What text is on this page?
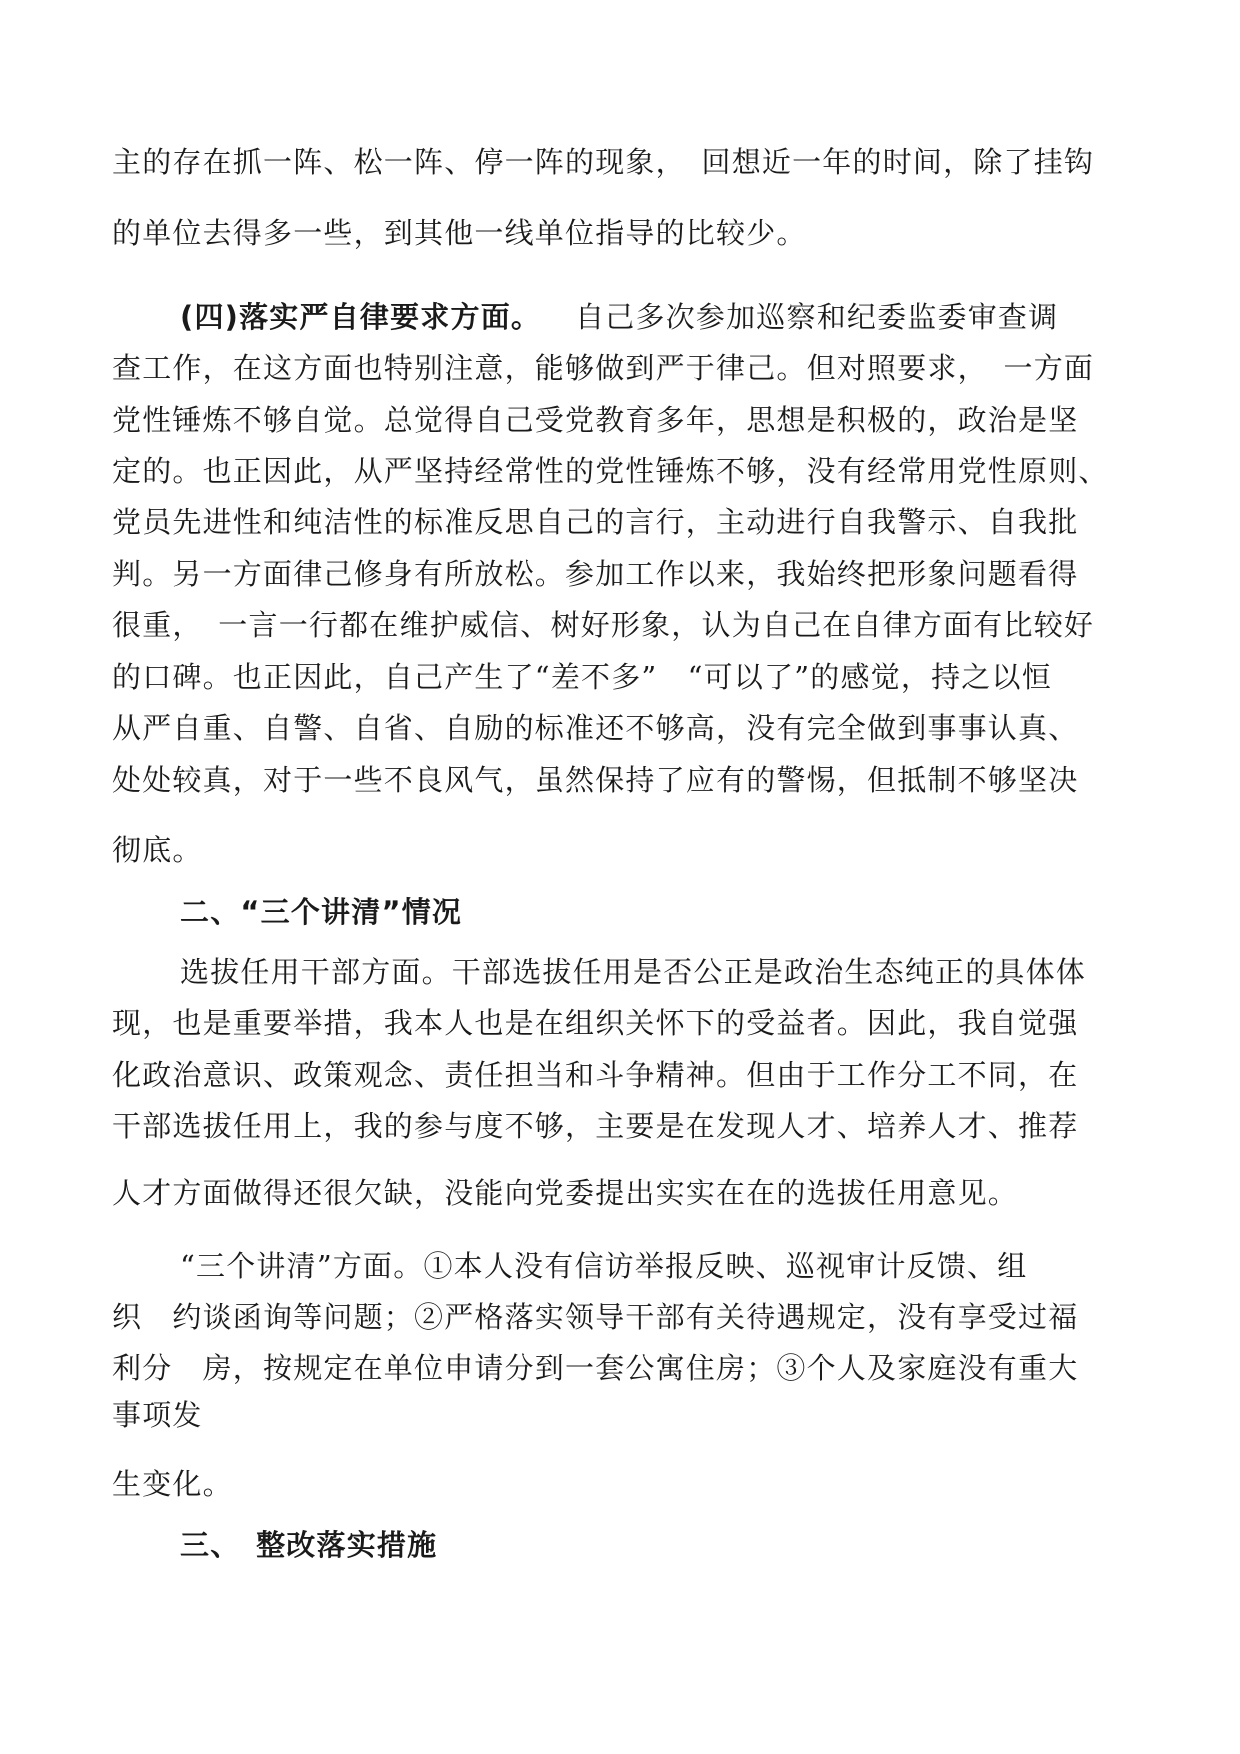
主的存在抓一阵、松一阵、停一阵的现象，　回想近一年的时间，除了挂钩
的单位去得多一些，到其他一线单位指导的比较少。
(四)落实严自律要求方面。 自己多次参加巡察和纪委监委审查调
查工作，在这方面也特别注意，能够做到严于律己。但对照要求，　一方面
党性锤炼不够自觉。总觉得自己受党教育多年，思想是积极的，政治是坚
定的。也正因此，从严坚持经常性的党性锤炼不够，没有经常用党性原则、
党员先进性和纯洁性的标准反思自己的言行，主动进行自我警示、自我批
判。另一方面律己修身有所放松。参加工作以来，我始终把形象问题看得
很重，　一言一行都在维护威信、树好形象，认为自己在自律方面有比较好
的口碑。也正因此，自己产生了“差不多”　“可以了”的感觉，持之以恒
从严自重、自警、自省、自励的标准还不够高，没有完全做到事事认真、
处处较真，对于一些不良风气，虽然保持了应有的警惕，但抵制不够坚决
彻底。
二、“三个讲清”情况
选拔任用干部方面。干部选拔任用是否公正是政治生态纯正的具体体
现，也是重要举措，我本人也是在组织关怀下的受益者。因此，我自觉强
化政治意识、政策观念、责任担当和斗争精神。但由于工作分工不同，在
干部选拔任用上，我的参与度不够，主要是在发现人才、培养人才、推荐
人才方面做得还很欠缺，没能向党委提出实实在在的选拔任用意见。
“三个讲清”方面。①本人没有信访举报反映、巡视审计反馈、组
织　约谈函询等问题；②严格落实领导干部有关待遇规定，没有享受过福
利分　房，按规定在单位申请分到一套公寓住房；③个人及家庭没有重大
事项发
生变化。
三、　整改落实措施
